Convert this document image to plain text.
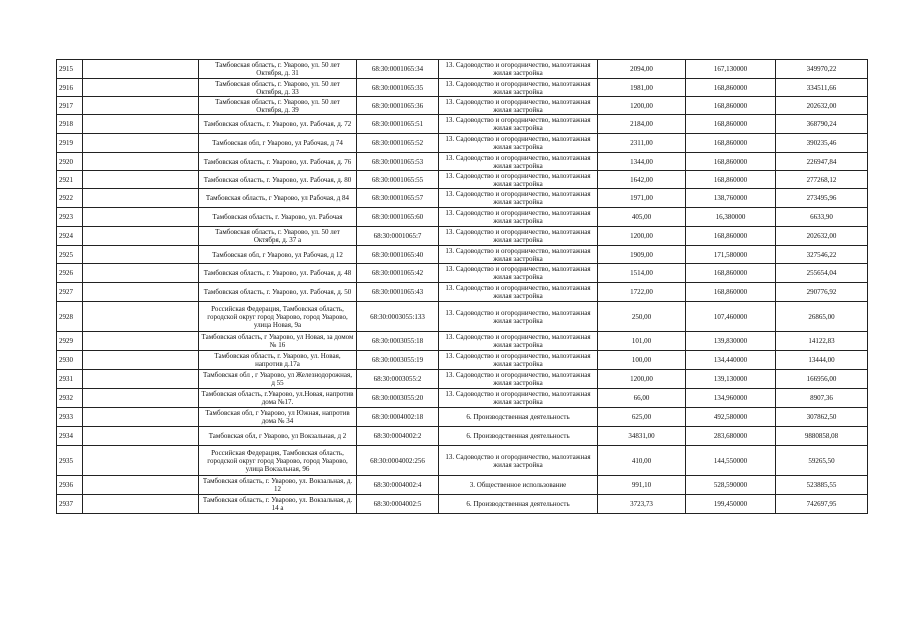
2915		Тамбовская область, г. Уварово, ул. 50 лет Октября, д. 31	68:30:0001065:34	13. Садоводство и огородничество, малоэтажная жилая застройка	2094,00	167,130000	349970,22
2916		Тамбовская область, г. Уварово, ул. 50 лет Октября, д. 33	68:30:0001065:35	13. Садоводство и огородничество, малоэтажная жилая застройка	1981,00	168,860000	334511,66
2917		Тамбовская область, г. Уварово, ул. 50 лет Октября, д. 39	68:30:0001065:36	13. Садоводство и огородничество, малоэтажная жилая застройка	1200,00	168,860000	202632,00
2918		Тамбовская область, г. Уварово, ул. Рабочая, д. 72	68:30:0001065:51	13. Садоводство и огородничество, малоэтажная жилая застройка	2184,00	168,860000	368790,24
2919		Тамбовская обл, г Уварово, ул Рабочая, д 74	68:30:0001065:52	13. Садоводство и огородничество, малоэтажная жилая застройка	2311,00	168,860000	390235,46
2920		Тамбовская область, г. Уварово, ул. Рабочая, д. 76	68:30:0001065:53	13. Садоводство и огородничество, малоэтажная жилая застройка	1344,00	168,860000	226947,84
2921		Тамбовская область, г. Уварово, ул. Рабочая, д. 80	68:30:0001065:55	13. Садоводство и огородничество, малоэтажная жилая застройка	1642,00	168,860000	277268,12
2922		Тамбовская область, г Уварово, ул Рабочая, д 84	68:30:0001065:57	13. Садоводство и огородничество, малоэтажная жилая застройка	1971,00	138,760000	273495,96
2923		Тамбовская область, г. Уварово, ул. Рабочая	68:30:0001065:60	13. Садоводство и огородничество, малоэтажная жилая застройка	405,00	16,380000	6633,90
2924		Тамбовская область, г. Уварово, ул. 50 лет Октября, д. 37 а	68:30:0001065:7	13. Садоводство и огородничество, малоэтажная жилая застройка	1200,00	168,860000	202632,00
2925		Тамбовская обл, г Уварово, ул Рабочая, д 12	68:30:0001065:40	13. Садоводство и огородничество, малоэтажная жилая застройка	1909,00	171,580000	327546,22
2926		Тамбовская область, г. Уварово, ул. Рабочая, д. 48	68:30:0001065:42	13. Садоводство и огородничество, малоэтажная жилая застройка	1514,00	168,860000	255654,04
2927		Тамбовская область, г. Уварово, ул. Рабочая, д. 50	68:30:0001065:43	13. Садоводство и огородничество, малоэтажная жилая застройка	1722,00	168,860000	290776,92
2928		Российская Федерация, Тамбовская область, городской округ город Уварово, город Уварово, улица Новая, 9а	68:30:0003055:133	13. Садоводство и огородничество, малоэтажная жилая застройка	250,00	107,460000	26865,00
2929		Тамбовская область, г Уварово, ул Новая, за домом № 16	68:30:0003055:18	13. Садоводство и огородничество, малоэтажная жилая застройка	101,00	139,830000	14122,83
2930		Тамбовская область, г. Уварово, ул. Новая, напротив д.17а	68:30:0003055:19	13. Садоводство и огородничество, малоэтажная жилая застройка	100,00	134,440000	13444,00
2931		Тамбовская обл , г Уварово, ул Железнодорожная, д 55	68:30:0003055:2	13. Садоводство и огородничество, малоэтажная жилая застройка	1200,00	139,130000	166956,00
2932		Тамбовская область, г.Уварово, ул.Новая, напротив дома №17.	68:30:0003055:20	13. Садоводство и огородничество, малоэтажная жилая застройка	66,00	134,960000	8907,36
2933		Тамбовская обл, г Уварово, ул Южная, напротив дома № 34	68:30:0004002:18	6. Производственная деятельность	625,00	492,580000	307862,50
2934		Тамбовская обл, г Уварово, ул Вокзальная, д 2	68:30:0004002:2	6. Производственная деятельность	34831,00	283,680000	9880858,08
2935		Российская Федерация, Тамбовская область, городской округ город Уварово, город Уварово, улица Вокзальная, 96	68:30:0004002:256	13. Садоводство и огородничество, малоэтажная жилая застройка	410,00	144,550000	59265,50
2936		Тамбовская область, г. Уварово, ул. Вокзальная, д. 12	68:30:0004002:4	3. Общественное использование	991,10	528,590000	523885,55
2937		Тамбовская область, г. Уварово, ул. Вокзальная, д. 14 а	68:30:0004002:5	6. Производственная деятельность	3723,73	199,450000	742697,95
